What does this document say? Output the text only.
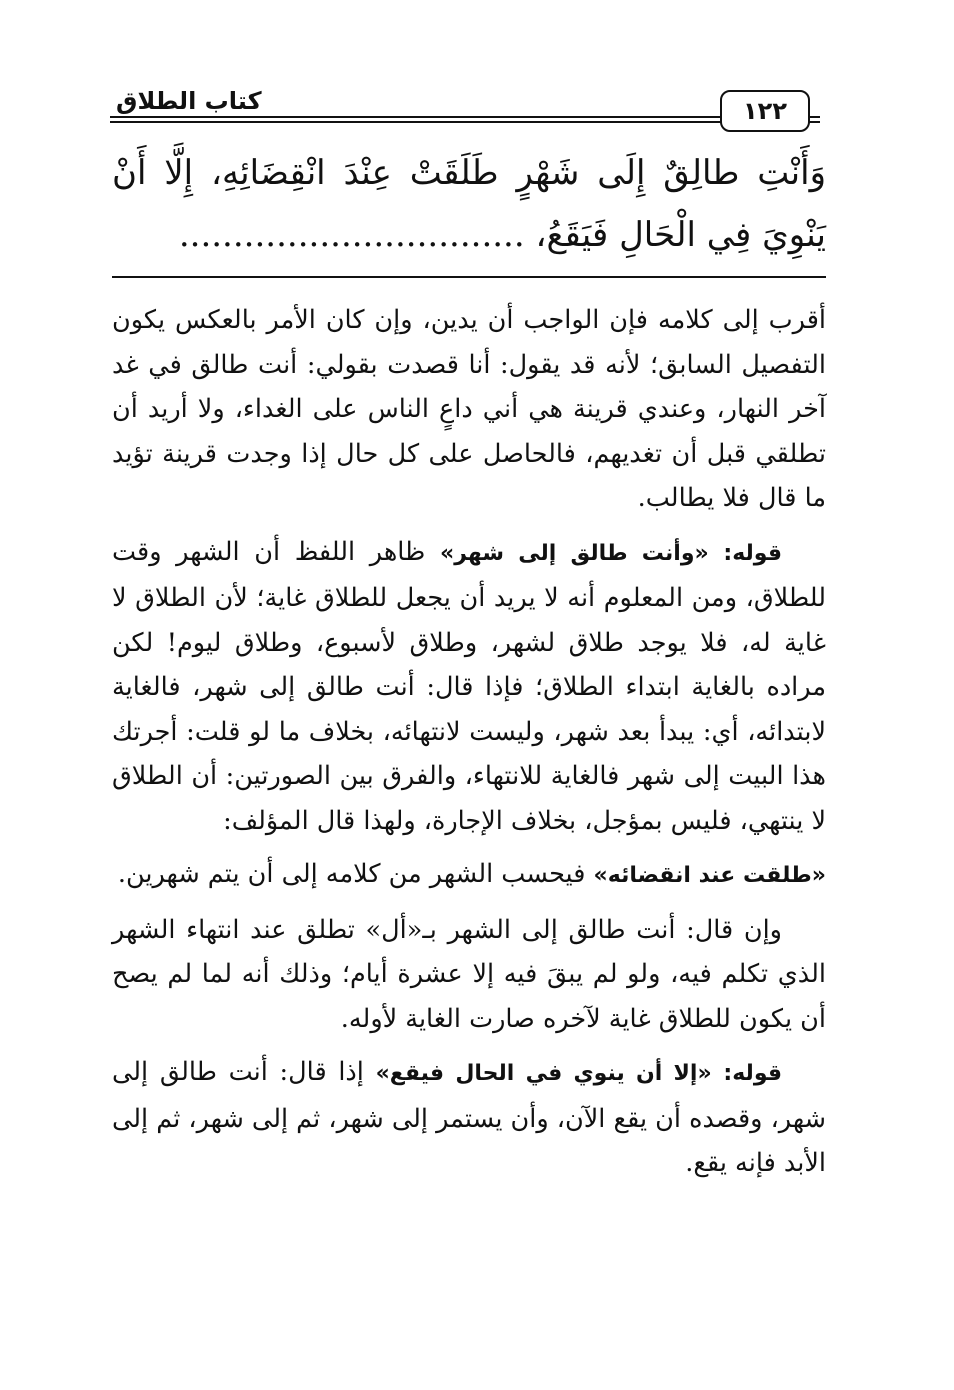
كتاب الطلاق	١٢٢
وَأَنْتِ طالِقٌ إِلَى شَهْرٍ طَلَقَتْ عِنْدَ انْقِضَائِهِ، إِلَّا أَنْ يَنْوِيَ فِي الْحَالِ فَيَقَعُ، ................................

أقرب إلى كلامه فإن الواجب أن يدين، وإن كان الأمر بالعكس يكون التفصيل السابق؛ لأنه قد يقول: أنا قصدت بقولي: أنت طالق في غد آخر النهار، وعندي قرينة هي أني داعٍ الناس على الغداء، ولا أريد أن تطلقي قبل أن تغديهم، فالحاصل على كل حال إذا وجدت قرينة تؤيد ما قال فلا يطالب.

قوله: «وأنت طالق إلى شهر» ظاهر اللفظ أن الشهر وقت للطلاق، ومن المعلوم أنه لا يريد أن يجعل للطلاق غاية؛ لأن الطلاق لا غاية له، فلا يوجد طلاق لشهر، وطلاق لأسبوع، وطلاق ليوم! لكن مراده بالغاية ابتداء الطلاق؛ فإذا قال: أنت طالق إلى شهر، فالغاية لابتدائه، أي: يبدأ بعد شهر، وليست لانتهائه، بخلاف ما لو قلت: أجرتك هذا البيت إلى شهر فالغاية للانتهاء، والفرق بين الصورتين: أن الطلاق لا ينتهي، فليس بمؤجل، بخلاف الإجارة، ولهذا قال المؤلف:

«طلقت عند انقضائه» فيحسب الشهر من كلامه إلى أن يتم شهرين.

وإن قال: أنت طالق إلى الشهر بـ«أل» تطلق عند انتهاء الشهر الذي تكلم فيه، ولو لم يبقَ فيه إلا عشرة أيام؛ وذلك أنه لما لم يصح أن يكون للطلاق غاية لآخره صارت الغاية لأوله.

قوله: «إلا أن ينوي في الحال فيقع» إذا قال: أنت طالق إلى شهر، وقصده أن يقع الآن، وأن يستمر إلى شهر، ثم إلى شهر، ثم إلى الأبد فإنه يقع.
